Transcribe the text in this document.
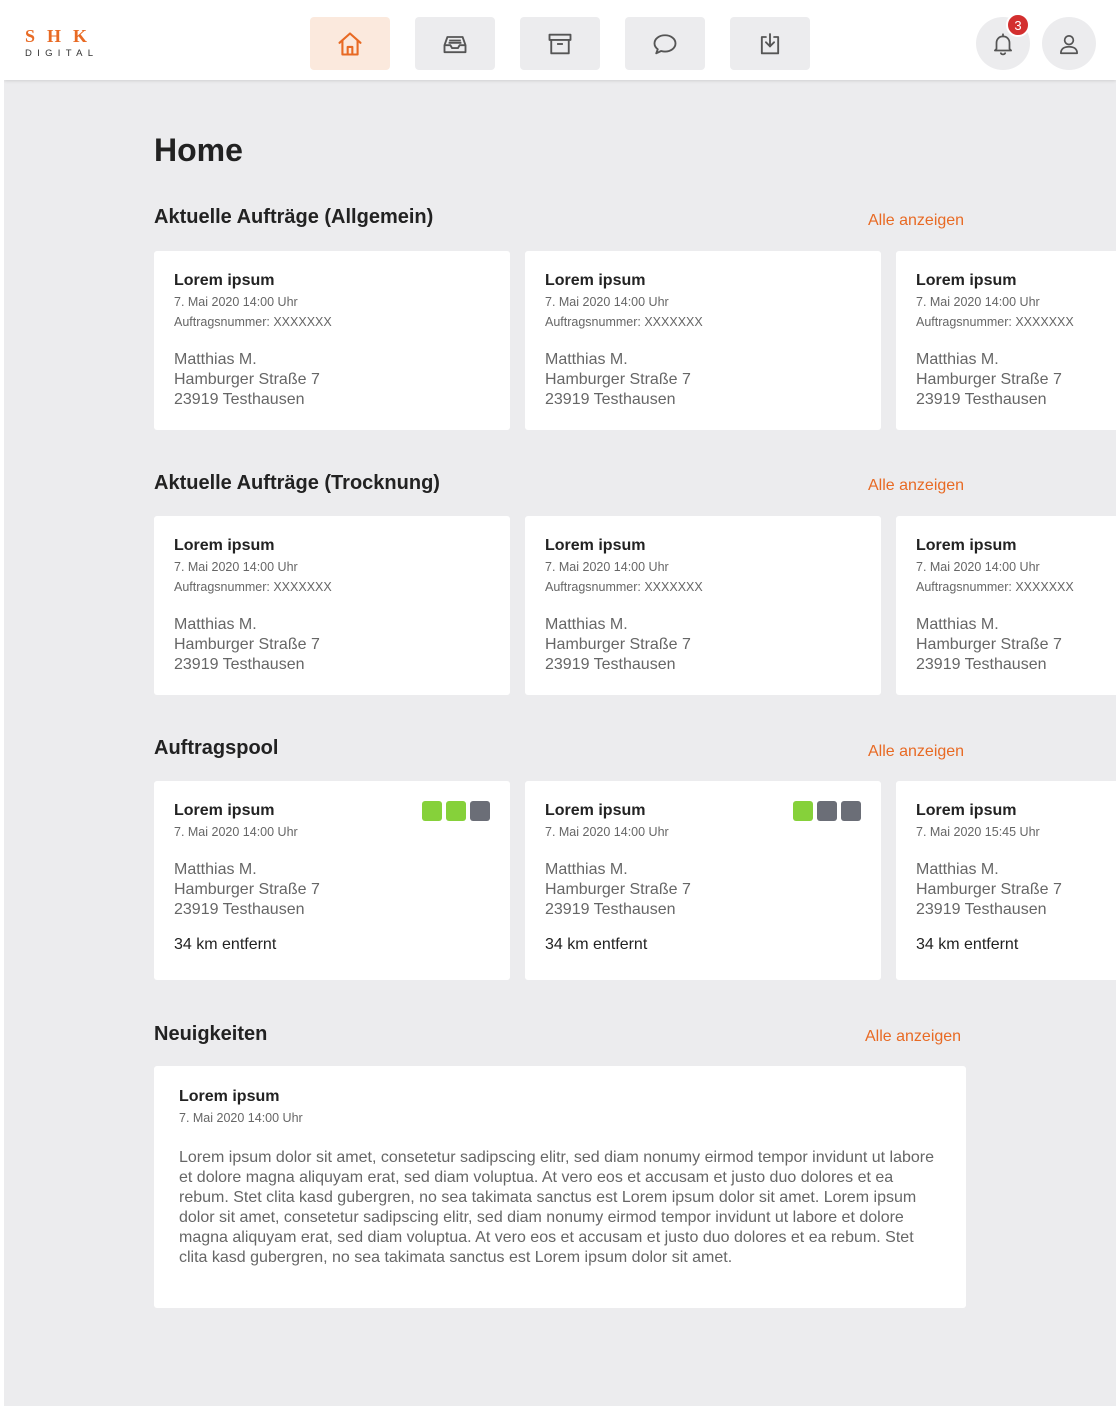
SHK
DIGITAL
3
Home
Aktuelle Aufträge (Allgemein)	Alle anzeigen
Lorem ipsum
7. Mai 2020 14:00 Uhr
Auftragsnummer: XXXXXXX
Matthias M.
Hamburger Straße 7
23919 Testhausen
Lorem ipsum
7. Mai 2020 14:00 Uhr
Auftragsnummer: XXXXXXX
Matthias M.
Hamburger Straße 7
23919 Testhausen
Lorem ipsum
7. Mai 2020 14:00 Uhr
Auftragsnummer: XXXXXXX
Matthias M.
Hamburger Straße 7
23919 Testhausen
Aktuelle Aufträge (Trocknung)	Alle anzeigen
Lorem ipsum
7. Mai 2020 14:00 Uhr
Auftragsnummer: XXXXXXX
Matthias M.
Hamburger Straße 7
23919 Testhausen
Lorem ipsum
7. Mai 2020 14:00 Uhr
Auftragsnummer: XXXXXXX
Matthias M.
Hamburger Straße 7
23919 Testhausen
Lorem ipsum
7. Mai 2020 14:00 Uhr
Auftragsnummer: XXXXXXX
Matthias M.
Hamburger Straße 7
23919 Testhausen
Auftragspool	Alle anzeigen
Lorem ipsum
7. Mai 2020 14:00 Uhr
Matthias M.
Hamburger Straße 7
23919 Testhausen
34 km entfernt
Lorem ipsum
7. Mai 2020 14:00 Uhr
Matthias M.
Hamburger Straße 7
23919 Testhausen
34 km entfernt
Lorem ipsum
7. Mai 2020 15:45 Uhr
Matthias M.
Hamburger Straße 7
23919 Testhausen
34 km entfernt
Neuigkeiten	Alle anzeigen
Lorem ipsum
7. Mai 2020 14:00 Uhr
Lorem ipsum dolor sit amet, consetetur sadipscing elitr, sed diam nonumy eirmod tempor invidunt ut labore et dolore magna aliquyam erat, sed diam voluptua. At vero eos et accusam et justo duo dolores et ea rebum. Stet clita kasd gubergren, no sea takimata sanctus est Lorem ipsum dolor sit amet. Lorem ipsum dolor sit amet, consetetur sadipscing elitr, sed diam nonumy eirmod tempor invidunt ut labore et dolore magna aliquyam erat, sed diam voluptua. At vero eos et accusam et justo duo dolores et ea rebum. Stet clita kasd gubergren, no sea takimata sanctus est Lorem ipsum dolor sit amet.
